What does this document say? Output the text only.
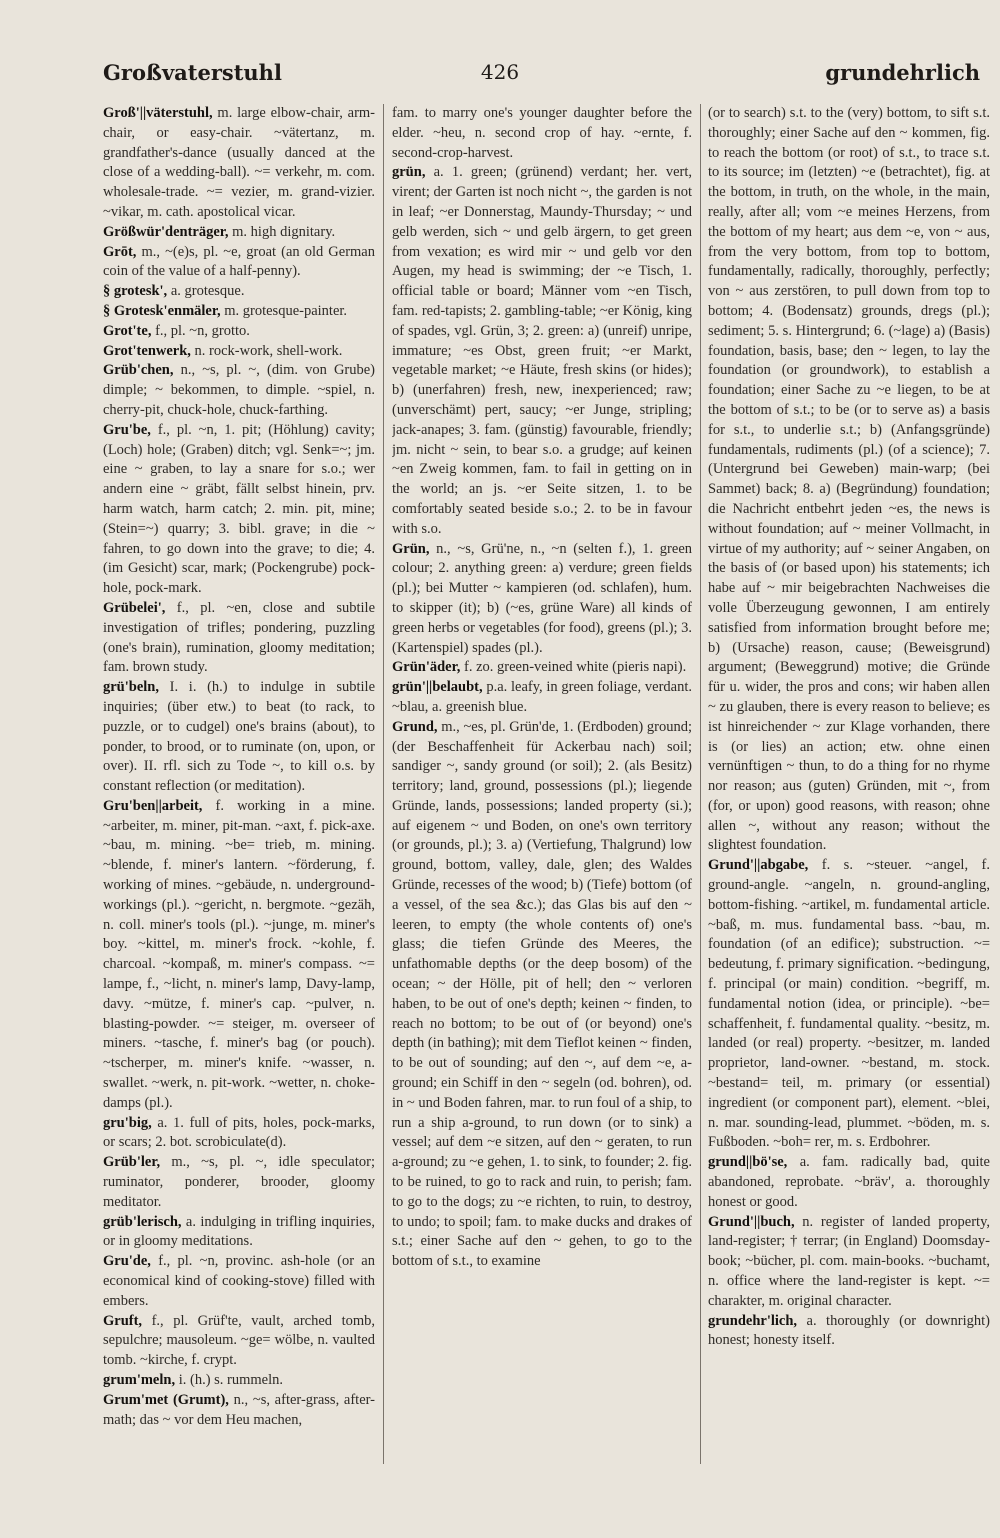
Großvaterstuhl	426	grundehrlich

Groß'||väterstuhl, m. large elbow-chair, arm-chair, or easy-chair. ~vätertanz, m. grandfather's-dance (usually danced at the close of a wedding-ball). ~= verkehr, m. com. wholesale-trade. ~= vezier, m. grand-vizier. ~vikar, m. cath. apostolical vicar.

Größwür'denträger, m. high dignitary.

Grōt, m., ~(e)s, pl. ~e, groat (an old German coin of the value of a half-penny).

§ grotesk', a. grotesque.

§ Grotesk'enmäler, m. grotesque-painter.

Grot'te, f., pl. ~n, grotto.

Grot'tenwerk, n. rock-work, shell-work.

Grüb'chen, n., ~s, pl. ~, (dim. von Grube) dimple; ~ bekommen, to dimple. ~spiel, n. cherry-pit, chuck-hole, chuck-farthing.

Gru'be, f., pl. ~n, 1. pit; (Höhlung) cavity; (Loch) hole; (Graben) ditch; vgl. Senk=~; jm. eine ~ graben, to lay a snare for s.o.; wer andern eine ~ gräbt, fällt selbst hinein, prv. harm watch, harm catch; 2. min. pit, mine; (Stein=~) quarry; 3. bibl. grave; in die ~ fahren, to go down into the grave; to die; 4. (im Gesicht) scar, mark; (Pockengrube) pock-hole, pock-mark.

Grübelei', f., pl. ~en, close and subtile investigation of trifles; pondering, puzzling (one's brain), rumination, gloomy meditation; fam. brown study.

grü'beln, I. i. (h.) to indulge in subtile inquiries; (über etw.) to beat (to rack, to puzzle, or to cudgel) one's brains (about), to ponder, to brood, or to ruminate (on, upon, or over). II. rfl. sich zu Tode ~, to kill o.s. by constant reflection (or meditation).

Gru'ben||arbeit, f. working in a mine. ~arbeiter, m. miner, pit-man. ~axt, f. pick-axe. ~bau, m. mining. ~be= trieb, m. mining. ~blende, f. miner's lantern. ~förderung, f. working of mines. ~gebäude, n. underground-workings (pl.). ~gericht, n. bergmote. ~gezäh, n. coll. miner's tools (pl.). ~junge, m. miner's boy. ~kittel, m. miner's frock. ~kohle, f. charcoal. ~kompaß, m. miner's compass. ~= lampe, f., ~licht, n. miner's lamp, Davy-lamp, davy. ~mütze, f. miner's cap. ~pulver, n. blasting-powder. ~= steiger, m. overseer of miners. ~tasche, f. miner's bag (or pouch). ~tscherper, m. miner's knife. ~wasser, n. swallet. ~werk, n. pit-work. ~wetter, n. choke-damps (pl.).

gru'big, a. 1. full of pits, holes, pock-marks, or scars; 2. bot. scrobiculate(d).

Grüb'ler, m., ~s, pl. ~, idle speculator; ruminator, ponderer, brooder, gloomy meditator.

grüb'lerisch, a. indulging in trifling inquiries, or in gloomy meditations.

Gru'de, f., pl. ~n, provinc. ash-hole (or an economical kind of cooking-stove) filled with embers.

Gruft, f., pl. Grüf'te, vault, arched tomb, sepulchre; mausoleum. ~ge= wölbe, n. vaulted tomb. ~kirche, f. crypt.

grum'meln, i. (h.) s. rummeln.

Grum'met (Grumt), n., ~s, after-grass, after-math; das ~ vor dem Heu machen,

fam. to marry one's younger daughter before the elder. ~heu, n. second crop of hay. ~ernte, f. second-crop-harvest.

grün, a. 1. green; (grünend) verdant; her. vert, virent; der Garten ist noch nicht ~, the garden is not in leaf; ~er Donnerstag, Maundy-Thursday; ~ und gelb werden, sich ~ und gelb ärgern, to get green from vexation; es wird mir ~ und gelb vor den Augen, my head is swimming; der ~e Tisch, 1. official table or board; Männer vom ~en Tisch, fam. red-tapists; 2. gambling-table; ~er König, king of spades, vgl. Grün, 3; 2. green: a) (unreif) unripe, immature; ~es Obst, green fruit; ~er Markt, vegetable market; ~e Häute, fresh skins (or hides); b) (unerfahren) fresh, new, inexperienced; raw; (unverschämt) pert, saucy; ~er Junge, stripling; jack-anapes; 3. fam. (günstig) favourable, friendly; jm. nicht ~ sein, to bear s.o. a grudge; auf keinen ~en Zweig kommen, fam. to fail in getting on in the world; an js. ~er Seite sitzen, 1. to be comfortably seated beside s.o.; 2. to be in favour with s.o.

Grün, n., ~s, Grü'ne, n., ~n (selten f.), 1. green colour; 2. anything green: a) verdure; green fields (pl.); bei Mutter ~ kampieren (od. schlafen), hum. to skipper (it); b) (~es, grüne Ware) all kinds of green herbs or vegetables (for food), greens (pl.); 3. (Kartenspiel) spades (pl.).

Grün'äder, f. zo. green-veined white (pieris napi).

grün'||belaubt, p.a. leafy, in green foliage, verdant. ~blau, a. greenish blue.

Grund, m., ~es, pl. Grün'de, 1. (Erdboden) ground; (der Beschaffenheit für Ackerbau nach) soil; sandiger ~, sandy ground (or soil); 2. (als Besitz) territory; land, ground, possessions (pl.); liegende Gründe, lands, possessions; landed property (si.); auf eigenem ~ und Boden, on one's own territory (or grounds, pl.); 3. a) (Vertiefung, Thalgrund) low ground, bottom, valley, dale, glen; des Waldes Gründe, recesses of the wood; b) (Tiefe) bottom (of a vessel, of the sea &c.); das Glas bis auf den ~ leeren, to empty (the whole contents of) one's glass; die tiefen Gründe des Meeres, the unfathomable depths (or the deep bosom) of the ocean; ~ der Hölle, pit of hell; den ~ verloren haben, to be out of one's depth; keinen ~ finden, to reach no bottom; to be out of (or beyond) one's depth (in bathing); mit dem Tieflot keinen ~ finden, to be out of sounding; auf den ~, auf dem ~e, a-ground; ein Schiff in den ~ segeln (od. bohren), od. in ~ und Boden fahren, mar. to run foul of a ship, to run a ship a-ground, to run down (or to sink) a vessel; auf dem ~e sitzen, auf den ~ geraten, to run a-ground; zu ~e gehen, 1. to sink, to founder; 2. fig. to be ruined, to go to rack and ruin, to perish; fam. to go to the dogs; zu ~e richten, to ruin, to destroy, to undo; to spoil; fam. to make ducks and drakes of s.t.; einer Sache auf den ~ gehen, to go to the bottom of s.t., to examine

(or to search) s.t. to the (very) bottom, to sift s.t. thoroughly; einer Sache auf den ~ kommen, fig. to reach the bottom (or root) of s.t., to trace s.t. to its source; im (letzten) ~e (betrachtet), fig. at the bottom, in truth, on the whole, in the main, really, after all; vom ~e meines Herzens, from the bottom of my heart; aus dem ~e, von ~ aus, from the very bottom, from top to bottom, fundamentally, radically, thoroughly, perfectly; von ~ aus zerstören, to pull down from top to bottom; 4. (Bodensatz) grounds, dregs (pl.); sediment; 5. s. Hintergrund; 6. (~lage) a) (Basis) foundation, basis, base; den ~ legen, to lay the foundation (or groundwork), to establish a foundation; einer Sache zu ~e liegen, to be at the bottom of s.t.; to be (or to serve as) a basis for s.t., to underlie s.t.; b) (Anfangsgründe) fundamentals, rudiments (pl.) (of a science); 7. (Untergrund bei Geweben) main-warp; (bei Sammet) back; 8. a) (Begründung) foundation; die Nachricht entbehrt jeden ~es, the news is without foundation; auf ~ meiner Vollmacht, in virtue of my authority; auf ~ seiner Angaben, on the basis of (or based upon) his statements; ich habe auf ~ mir beigebrachten Nachweises die volle Überzeugung gewonnen, I am entirely satisfied from information brought before me; b) (Ursache) reason, cause; (Beweisgrund) argument; (Beweggrund) motive; die Gründe für u. wider, the pros and cons; wir haben allen ~ zu glauben, there is every reason to believe; es ist hinreichender ~ zur Klage vorhanden, there is (or lies) an action; etw. ohne einen vernünftigen ~ thun, to do a thing for no rhyme nor reason; aus (guten) Gründen, mit ~, from (for, or upon) good reasons, with reason; ohne allen ~, without any reason; without the slightest foundation.

Grund'||abgabe, f. s. ~steuer. ~angel, f. ground-angle. ~angeln, n. ground-angling, bottom-fishing. ~artikel, m. fundamental article. ~baß, m. mus. fundamental bass. ~bau, m. foundation (of an edifice); substruction. ~= bedeutung, f. primary signification. ~bedingung, f. principal (or main) condition. ~begriff, m. fundamental notion (idea, or principle). ~be= schaffenheit, f. fundamental quality. ~besitz, m. landed (or real) property. ~besitzer, m. landed proprietor, land-owner. ~bestand, m. stock. ~bestand= teil, m. primary (or essential) ingredient (or component part), element. ~blei, n. mar. sounding-lead, plummet. ~böden, m. s. Fußboden. ~boh= rer, m. s. Erdbohrer.

grund||bö'se, a. fam. radically bad, quite abandoned, reprobate. ~bräv', a. thoroughly honest or good.

Grund'||buch, n. register of landed property, land-register; † terrar; (in England) Doomsday-book; ~bücher, pl. com. main-books. ~buchamt, n. office where the land-register is kept. ~= charakter, m. original character.

grundehr'lich, a. thoroughly (or downright) honest; honesty itself.
